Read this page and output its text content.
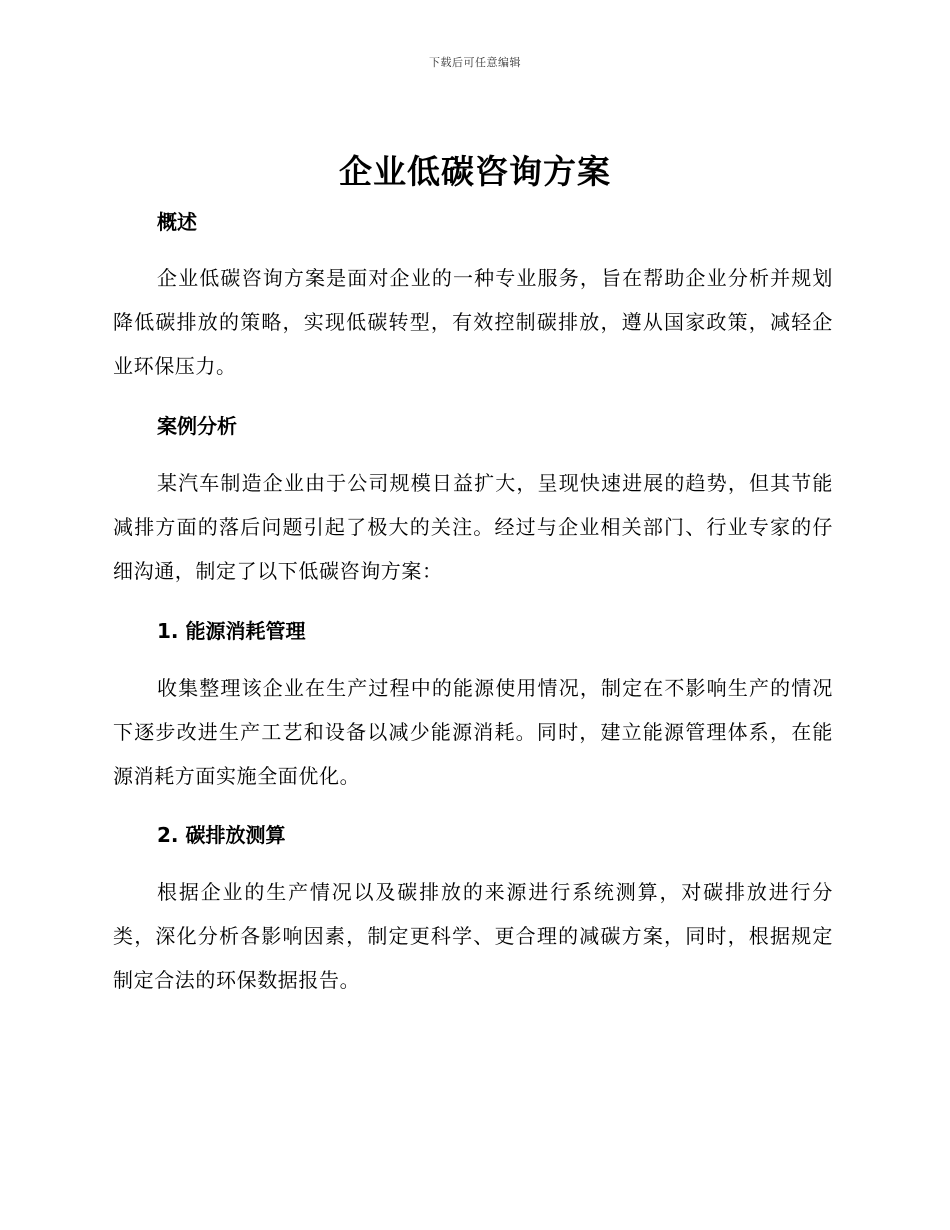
下载后可任意编辑
企业低碳咨询方案
概述
企业低碳咨询方案是面对企业的一种专业服务，旨在帮助企业分析并规划降低碳排放的策略，实现低碳转型，有效控制碳排放，遵从国家政策，减轻企业环保压力。
案例分析
某汽车制造企业由于公司规模日益扩大，呈现快速进展的趋势，但其节能减排方面的落后问题引起了极大的关注。经过与企业相关部门、行业专家的仔细沟通，制定了以下低碳咨询方案：
1. 能源消耗管理
收集整理该企业在生产过程中的能源使用情况，制定在不影响生产的情况下逐步改进生产工艺和设备以减少能源消耗。同时，建立能源管理体系，在能源消耗方面实施全面优化。
2. 碳排放测算
根据企业的生产情况以及碳排放的来源进行系统测算，对碳排放进行分类，深化分析各影响因素，制定更科学、更合理的减碳方案，同时，根据规定制定合法的环保数据报告。
